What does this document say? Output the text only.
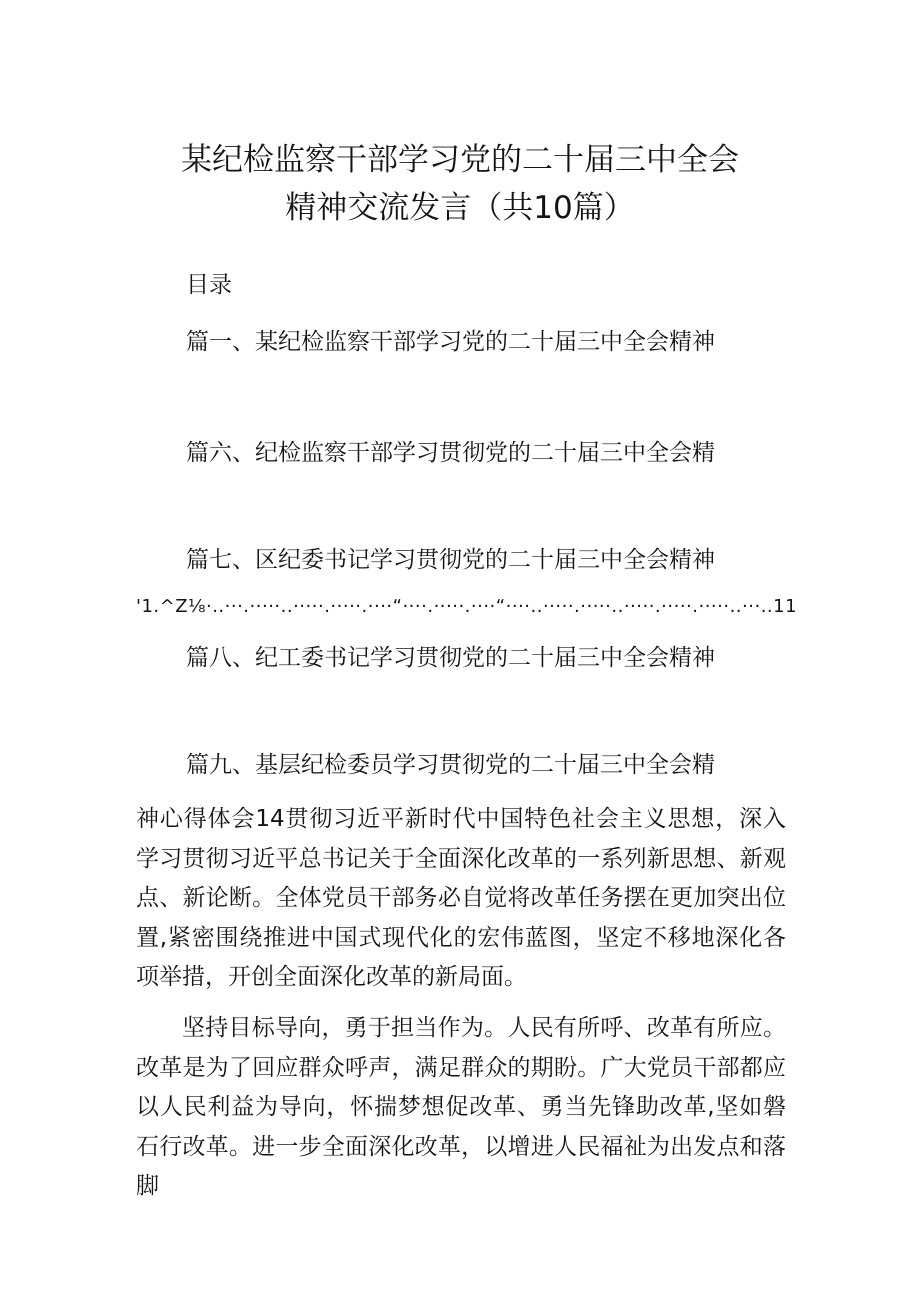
某纪检监察干部学习党的二十届三中全会
精神交流发言（共10篇）
目录
篇一、某纪检监察干部学习党的二十届三中全会精神
篇六、纪检监察干部学习贯彻党的二十届三中全会精
篇七、区纪委书记学习贯彻党的二十届三中全会精神
'1.^Z⅛·..···.·····..·····.·····.····“····.·····.····“····..·····.·····..·····.·····.·····..···..11
篇八、纪工委书记学习贯彻党的二十届三中全会精神
篇九、基层纪检委员学习贯彻党的二十届三中全会精
神心得体会14贯彻习近平新时代中国特色社会主义思想，深入学习贯彻习近平总书记关于全面深化改革的一系列新思想、新观点、新论断。全体党员干部务必自觉将改革任务摆在更加突出位置,紧密围绕推进中国式现代化的宏伟蓝图，坚定不移地深化各项举措，开创全面深化改革的新局面。
坚持目标导向，勇于担当作为。人民有所呼、改革有所应。改革是为了回应群众呼声，满足群众的期盼。广大党员干部都应以人民利益为导向，怀揣梦想促改革、勇当先锋助改革,坚如磐石行改革。进一步全面深化改革，以增进人民福祉为出发点和落脚
